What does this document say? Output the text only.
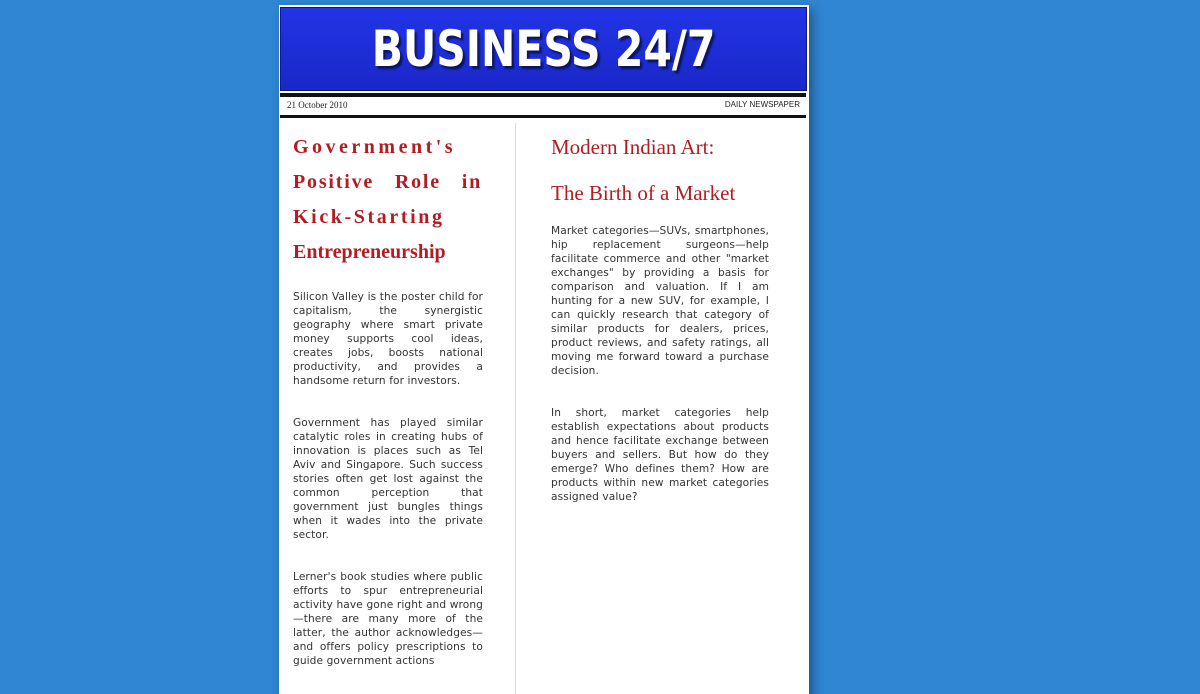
BUSINESS 24/7
21 October 2010	DAILY NEWSPAPER
Government's
Positive Role in
Kick-Starting
Entrepreneurship

Silicon Valley is the poster child for capitalism, the synergistic geography where smart private money supports cool ideas, creates jobs, boosts national productivity, and provides a handsome return for investors.

Government has played similar catalytic roles in creating hubs of innovation is places such as Tel Aviv and Singapore. Such success stories often get lost against the common perception that government just bungles things when it wades into the private sector.

Lerner's book studies where public efforts to spur entrepreneurial activity have gone right and wrong—there are many more of the latter, the author acknowledges—and offers policy prescriptions to guide government actions

Modern Indian Art:
The Birth of a Market

Market categories—SUVs, smartphones, hip replacement surgeons—help facilitate commerce and other "market exchanges" by providing a basis for comparison and valuation. If I am hunting for a new SUV, for example, I can quickly research that category of similar products for dealers, prices, product reviews, and safety ratings, all moving me forward toward a purchase decision.

In short, market categories help establish expectations about products and hence facilitate exchange between buyers and sellers. But how do they emerge? Who defines them? How are products within new market categories assigned value?
